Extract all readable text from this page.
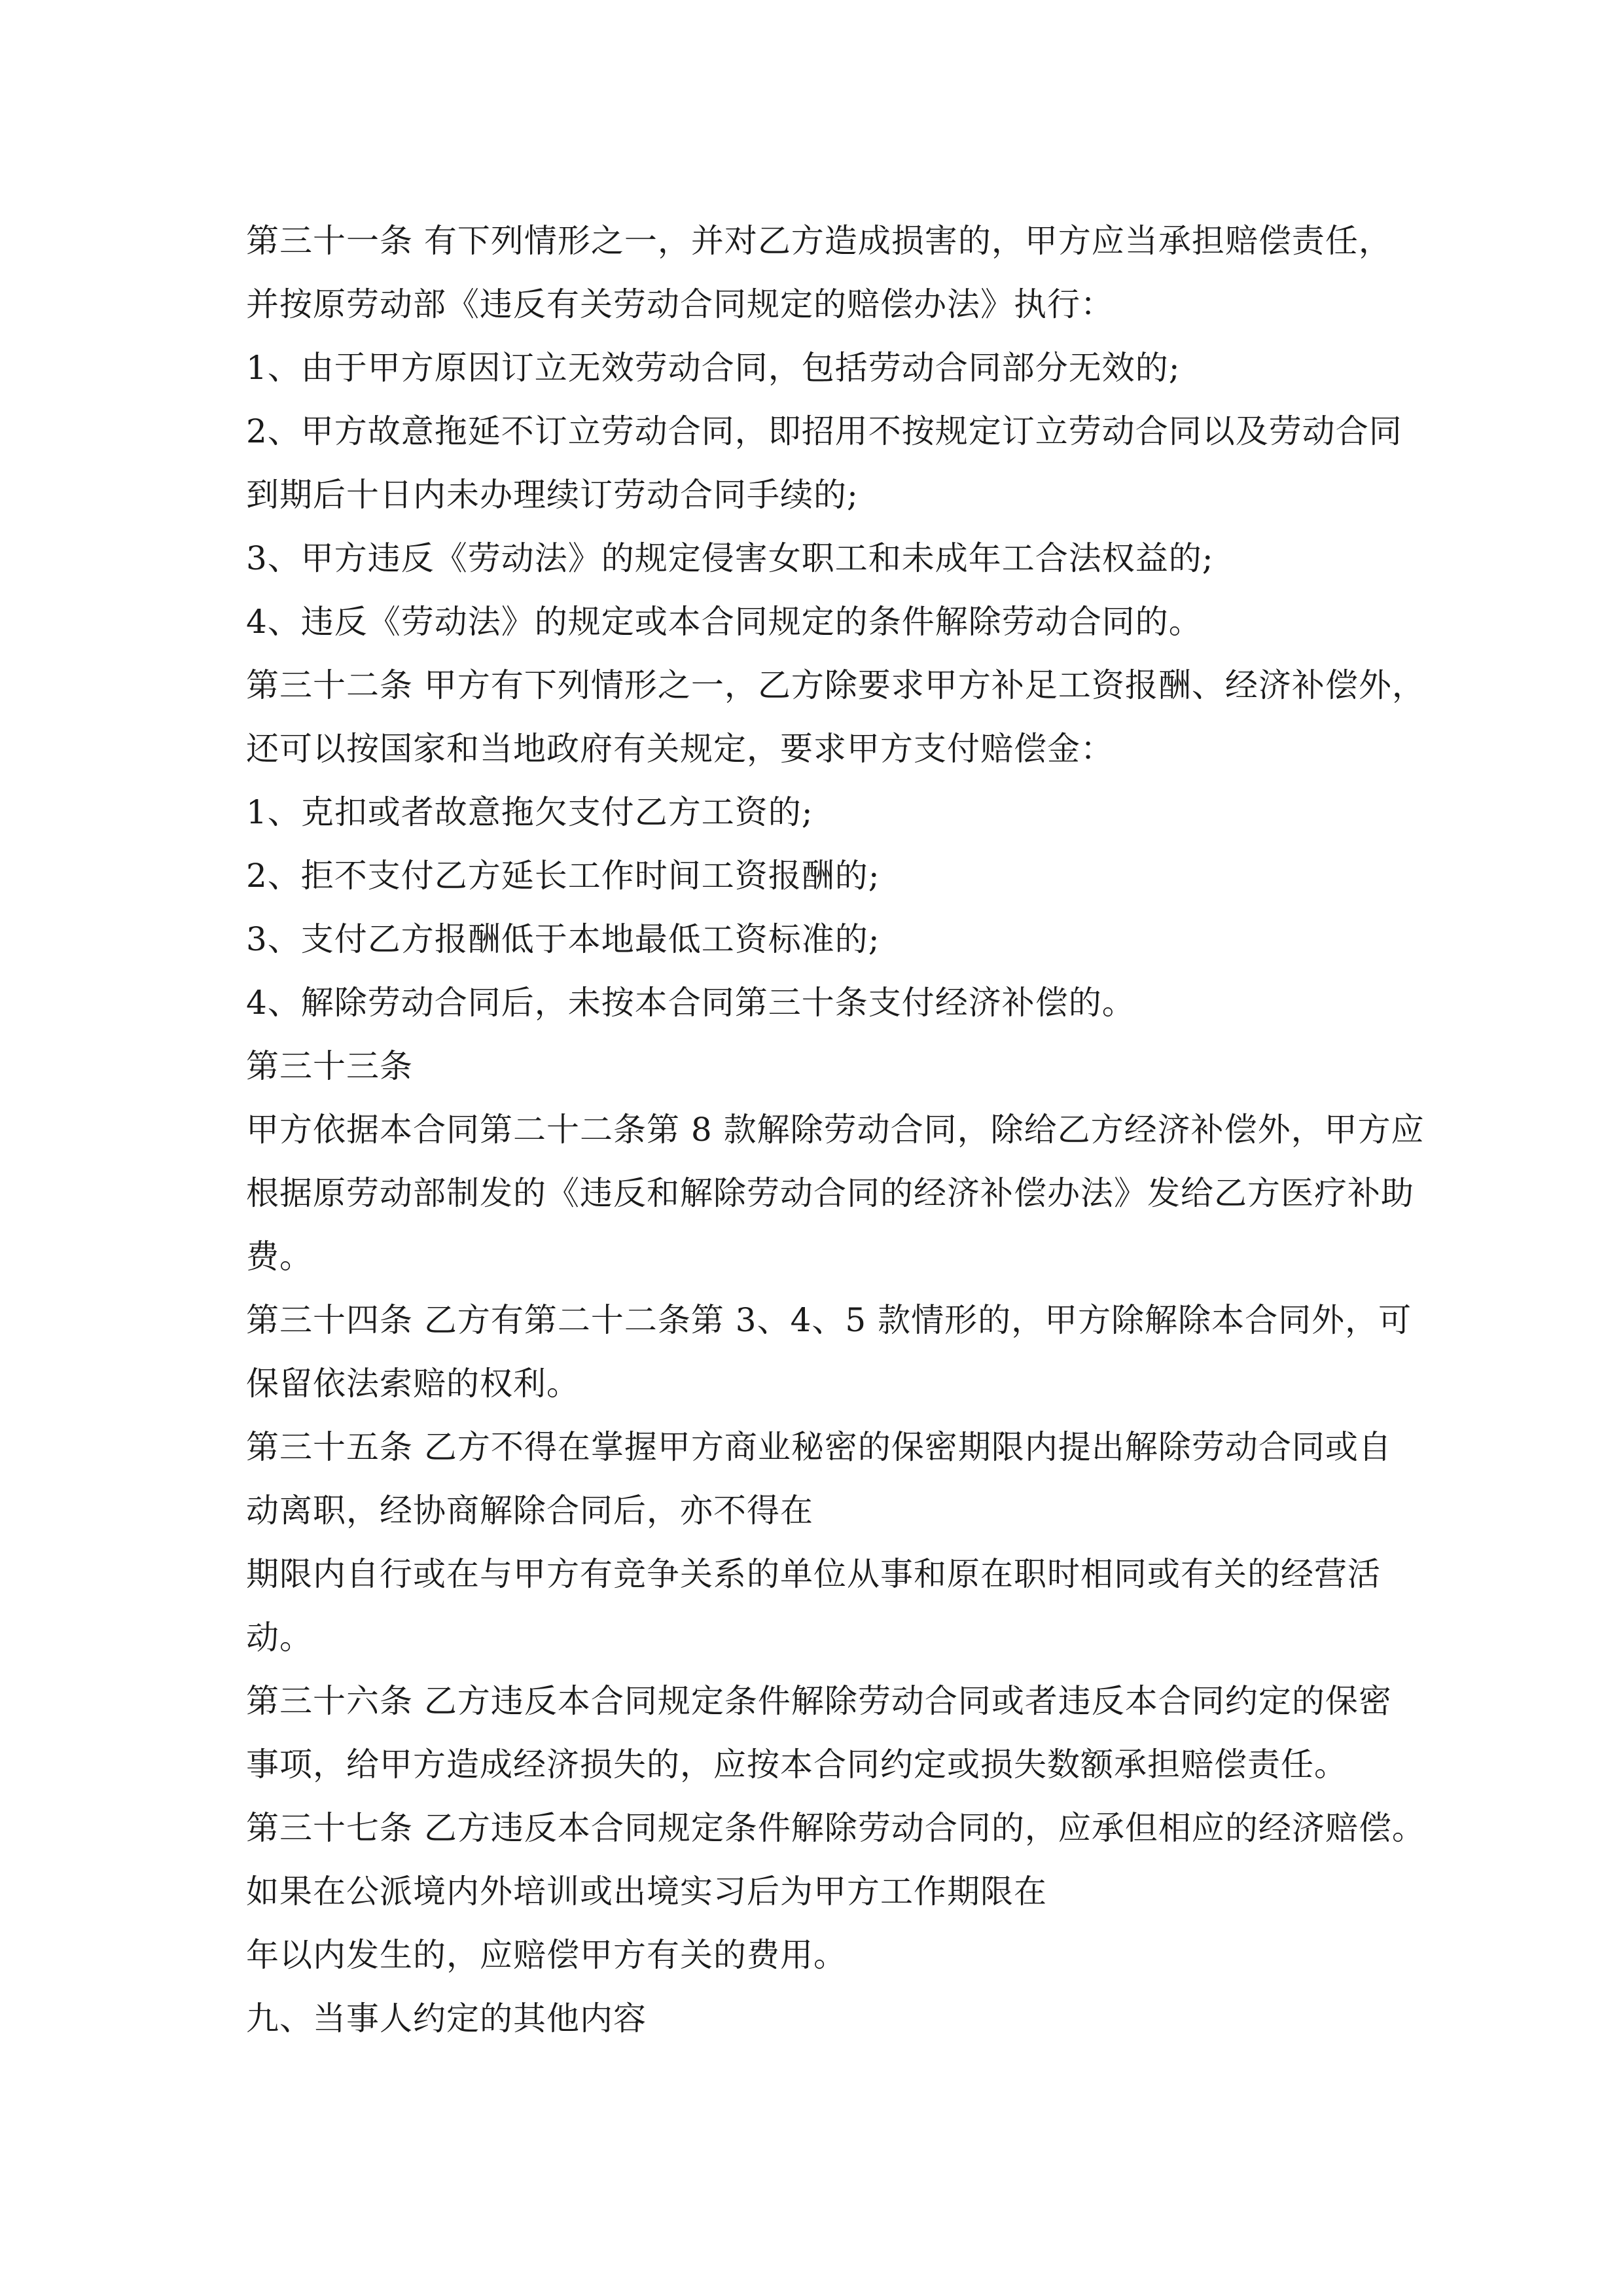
第三十一条 有下列情形之一，并对乙方造成损害的，甲方应当承担赔偿责任，
并按原劳动部《违反有关劳动合同规定的赔偿办法》执行：
1、由于甲方原因订立无效劳动合同，包括劳动合同部分无效的;
2、甲方故意拖延不订立劳动合同，即招用不按规定订立劳动合同以及劳动合同
到期后十日内未办理续订劳动合同手续的;
3、甲方违反《劳动法》的规定侵害女职工和未成年工合法权益的;
4、违反《劳动法》的规定或本合同规定的条件解除劳动合同的。
第三十二条 甲方有下列情形之一，乙方除要求甲方补足工资报酬、经济补偿外，
还可以按国家和当地政府有关规定，要求甲方支付赔偿金：
1、克扣或者故意拖欠支付乙方工资的;
2、拒不支付乙方延长工作时间工资报酬的;
3、支付乙方报酬低于本地最低工资标准的;
4、解除劳动合同后，未按本合同第三十条支付经济补偿的。
第三十三条
甲方依据本合同第二十二条第 8 款解除劳动合同，除给乙方经济补偿外，甲方应
根据原劳动部制发的《违反和解除劳动合同的经济补偿办法》发给乙方医疗补助
费。
第三十四条 乙方有第二十二条第 3、4、5 款情形的，甲方除解除本合同外，可
保留依法索赔的权利。
第三十五条 乙方不得在掌握甲方商业秘密的保密期限内提出解除劳动合同或自
动离职，经协商解除合同后，亦不得在
期限内自行或在与甲方有竞争关系的单位从事和原在职时相同或有关的经营活
动。
第三十六条 乙方违反本合同规定条件解除劳动合同或者违反本合同约定的保密
事项，给甲方造成经济损失的，应按本合同约定或损失数额承担赔偿责任。
第三十七条 乙方违反本合同规定条件解除劳动合同的，应承但相应的经济赔偿。
如果在公派境内外培训或出境实习后为甲方工作期限在
年以内发生的，应赔偿甲方有关的费用。
九、当事人约定的其他内容
